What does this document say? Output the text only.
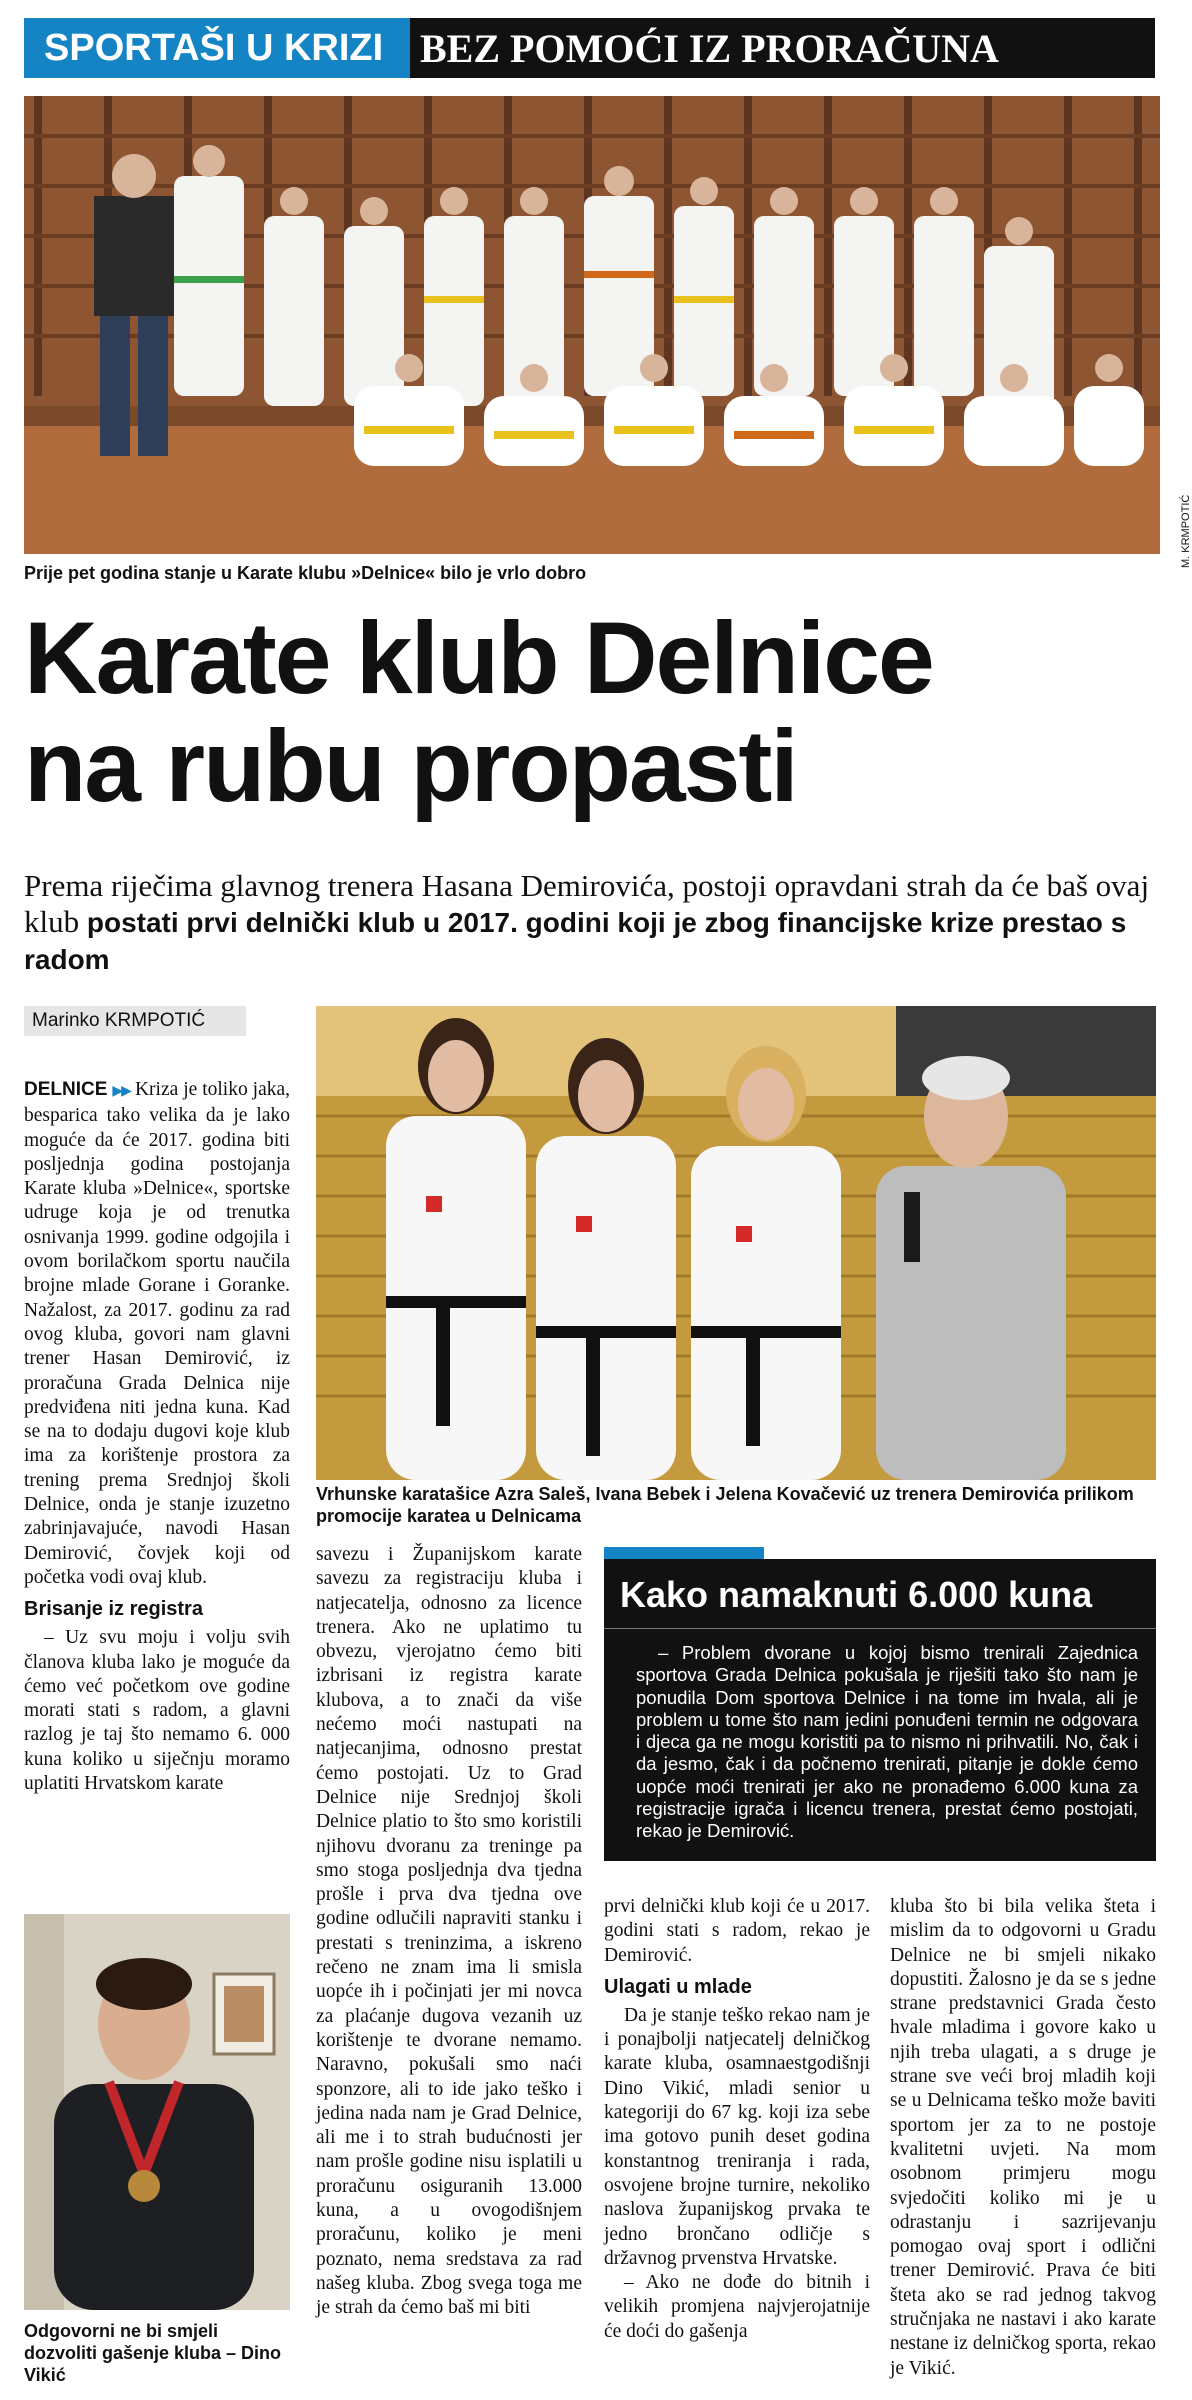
SPORTAŠI U KRIZI BEZ POMOĆI IZ PRORAČUNA
M. KRMPOTIĆ
Prije pet godina stanje u Karate klubu »Delnice« bilo je vrlo dobro
Karate klub Delnice
na rubu propasti
Prema riječima glavnog trenera Hasana Demirovića, postoji opravdani strah da će baš ovaj klub postati prvi delnički klub u 2017. godini koji je zbog financijske krize prestao s radom
Marinko KRMPOTIĆ
Vrhunske karatašice Azra Saleš, Ivana Bebek i Jelena Kovačević uz trenera Demirovića prilikom promocije karatea u Delnicama
Odgovorni ne bi smjeli dozvoliti gašenje kluba – Dino Vikić

DELNICE ▶▶ Kriza je toliko jaka, besparica tako velika da je lako moguće da će 2017. godina biti posljednja godina postojanja Karate kluba »Delnice«, sportske udruge koja je od trenutka osnivanja 1999. godine odgojila i ovom borilačkom sportu naučila brojne mlade Gorane i Goranke. Nažalost, za 2017. godinu za rad ovog kluba, govori nam glavni trener Hasan Demirović, iz proračuna Grada Delnica nije predviđena niti jedna kuna. Kad se na to dodaju dugovi koje klub ima za korištenje prostora za trening prema Srednjoj školi Delnice, onda je stanje izuzetno zabrinjavajuće, navodi Hasan Demirović, čovjek koji od početka vodi ovaj klub.

Brisanje iz registra

– Uz svu moju i volju svih članova kluba lako je moguće da ćemo već početkom ove godine morati stati s radom, a glavni razlog je taj što nemamo 6. 000 kuna koliko u siječnju moramo uplatiti Hrvatskom karate

savezu i Županijskom karate savezu za registraciju kluba i natjecatelja, odnosno za licence trenera. Ako ne uplatimo tu obvezu, vjerojatno ćemo biti izbrisani iz registra karate klubova, a to znači da više nećemo moći nastupati na natjecanjima, odnosno prestat ćemo postojati. Uz to Grad Delnice nije Srednjoj školi Delnice platio to što smo koristili njihovu dvoranu za treninge pa smo stoga posljednja dva tjedna prošle i prva dva tjedna ove godine odlučili napraviti stanku i prestati s treninzima, a iskreno rečeno ne znam ima li smisla uopće ih i počinjati jer mi novca za plaćanje dugova vezanih uz korištenje te dvorane nemamo. Naravno, pokušali smo naći sponzore, ali to ide jako teško i jedina nada nam je Grad Delnice, ali me i to strah budućnosti jer nam prošle godine nisu isplatili u proračunu osiguranih 13.000 kuna, a u ovogodišnjem proračunu, koliko je meni poznato, nema sredstava za rad našeg kluba. Zbog svega toga me je strah da ćemo baš mi biti

prvi delnički klub koji će u 2017. godini stati s radom, rekao je Demirović.

Ulagati u mlade

Da je stanje teško rekao nam je i ponajbolji natjecatelj delničkog karate kluba, osamnaestgodišnji Dino Vikić, mladi senior u kategoriji do 67 kg. koji iza sebe ima gotovo punih deset godina konstantnog treniranja i rada, osvojene brojne turnire, nekoliko naslova županijskog prvaka te jedno brončano odličje s državnog prvenstva Hrvatske.

– Ako ne dođe do bitnih i velikih promjena najvjerojatnije će doći do gašenja

kluba što bi bila velika šteta i mislim da to odgovorni u Gradu Delnice ne bi smjeli nikako dopustiti. Žalosno je da se s jedne strane predstavnici Grada često hvale mladima i govore kako u njih treba ulagati, a s druge je strane sve veći broj mladih koji se u Delnicama teško može baviti sportom jer za to ne postoje kvalitetni uvjeti. Na mom osobnom primjeru mogu svjedočiti koliko mi je u odrastanju i sazrijevanju pomogao ovaj sport i odlični trener Demirović. Prava će biti šteta ako se rad jednog takvog stručnjaka ne nastavi i ako karate nestane iz delničkog sporta, rekao je Vikić.

Kako namaknuti 6.000 kuna

– Problem dvorane u kojoj bismo trenirali Zajednica sportova Grada Delnica pokušala je riješiti tako što nam je ponudila Dom sportova Delnice i na tome im hvala, ali je problem u tome što nam jedini ponuđeni termin ne odgovara i djeca ga ne mogu koristiti pa to nismo ni prihvatili. No, čak i da jesmo, čak i da počnemo trenirati, pitanje je dokle ćemo uopće moći trenirati jer ako ne pronađemo 6.000 kuna za registracije igrača i licencu trenera, prestat ćemo postojati, rekao je Demirović.
